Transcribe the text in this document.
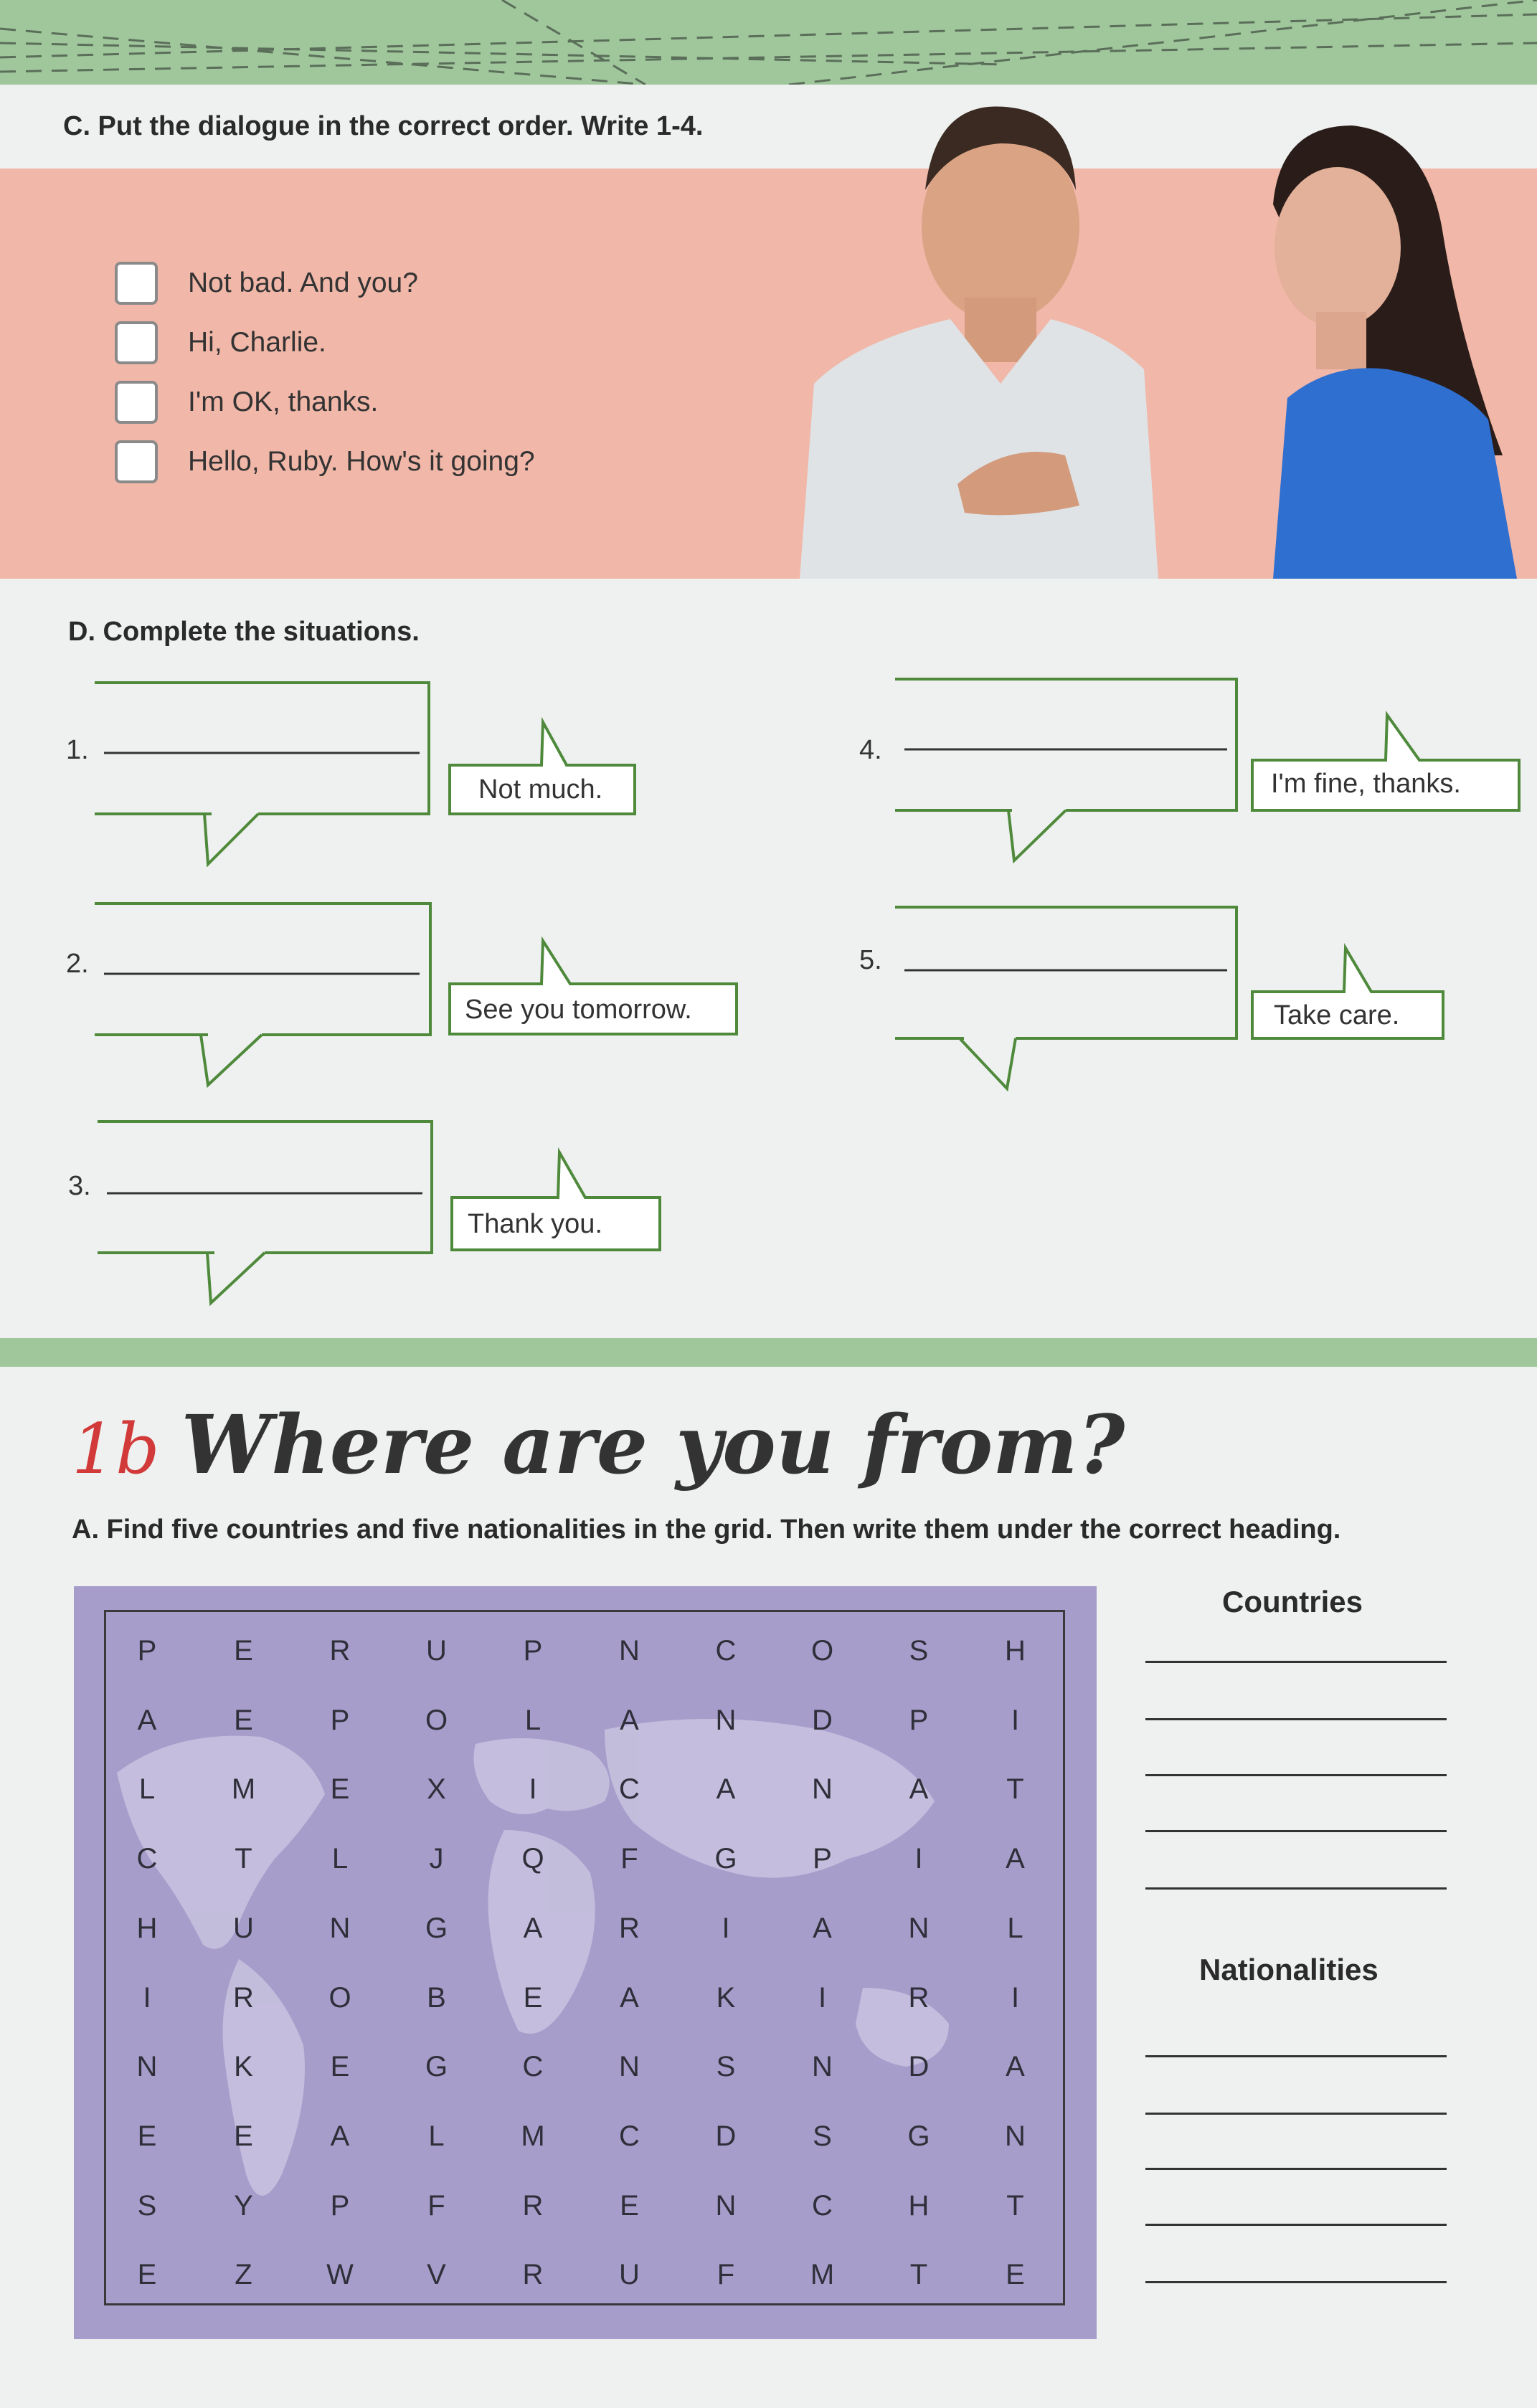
C. Put the dialogue in the correct order. Write 1-4.
Not bad. And you?
Hi, Charlie.
I'm OK, thanks.
Hello, Ruby. How's it going?
D. Complete the situations.
1.
Not much.
2.
See you tomorrow.
3.
Thank you.
4.
I'm fine, thanks.
5.
Take care.
1b Where are you from?
A. Find five countries and five nationalities in the grid. Then write them under the correct heading.
P	E	R	U	P	N	C	O	S	H
A	E	P	O	L	A	N	D	P	I
L	M	E	X	I	C	A	N	A	T
C	T	L	J	Q	F	G	P	I	A
H	U	N	G	A	R	I	A	N	L
I	R	O	B	E	A	K	I	R	I
N	K	E	G	C	N	S	N	D	A
E	E	A	L	M	C	D	S	G	N
S	Y	P	F	R	E	N	C	H	T
E	Z	W	V	R	U	F	M	T	E
Countries
Nationalities
